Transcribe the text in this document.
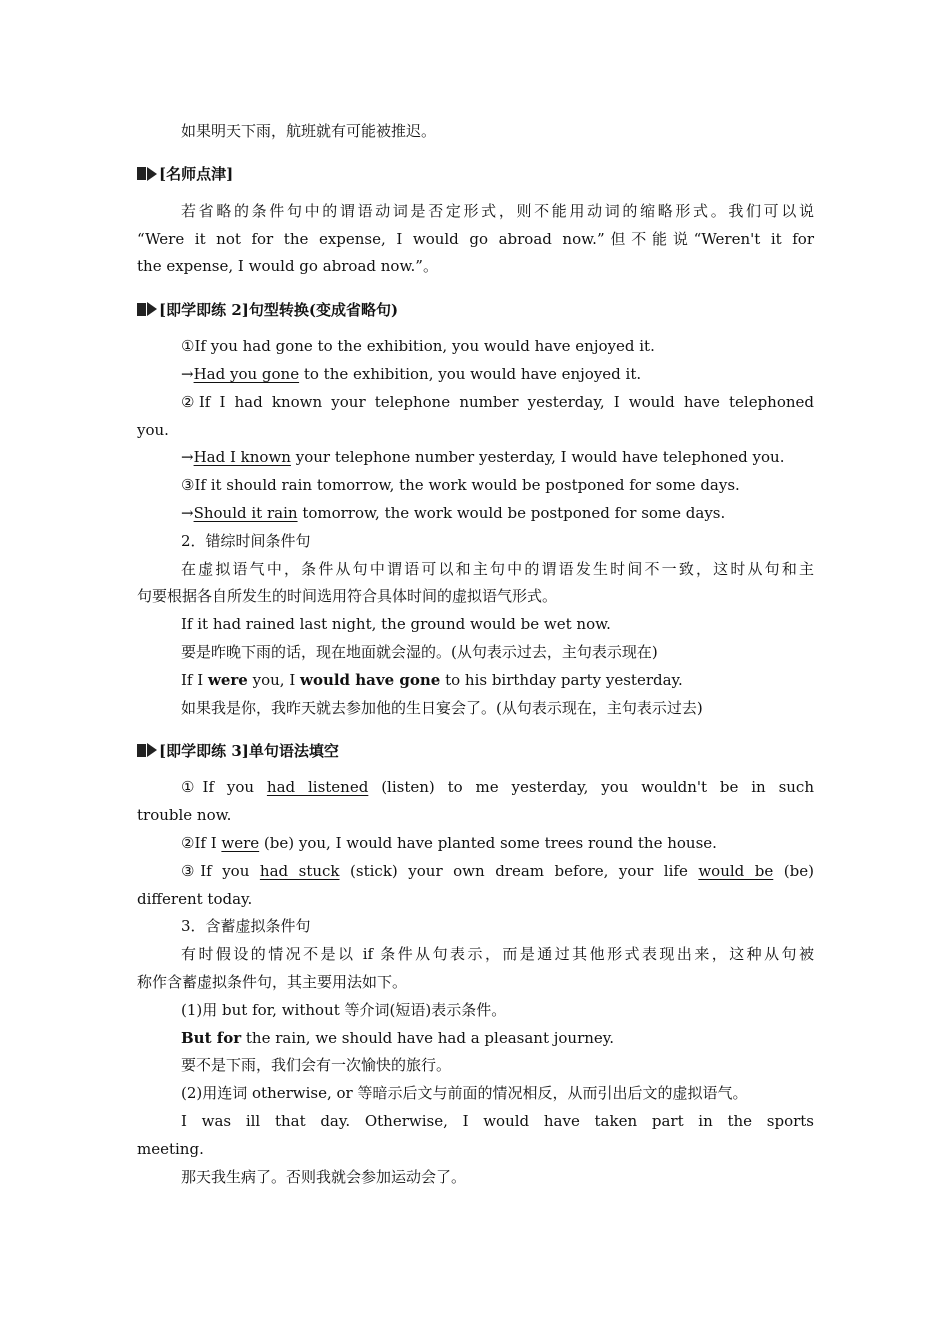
如果明天下雨，航班就有可能被推迟。

[名师点津]

若省略的条件句中的谓语动词是否定形式，则不能用动词的缩略形式。我们可以说

“Were it not for the expense, I would go abroad now.”但不能说“Weren't it for

the expense, I would go abroad now.”。

[即学即练 2]句型转换(变成省略句)

①If you had gone to the exhibition, you would have enjoyed it.

→Had you gone to the exhibition, you would have enjoyed it.

②If I had known your telephone number yesterday, I would have telephoned

you.

→Had I known your telephone number yesterday, I would have telephoned you.

③If it should rain tomorrow, the work would be postponed for some days.

→Should it rain tomorrow, the work would be postponed for some days.

2．错综时间条件句

在虚拟语气中，条件从句中谓语可以和主句中的谓语发生时间不一致，这时从句和主

句要根据各自所发生的时间选用符合具体时间的虚拟语气形式。

If it had rained last night, the ground would be wet now.

要是昨晚下雨的话，现在地面就会湿的。(从句表示过去，主句表示现在)

If I were you, I would have gone to his birthday party yesterday.

如果我是你，我昨天就去参加他的生日宴会了。(从句表示现在，主句表示过去)

[即学即练 3]单句语法填空

①If you had listened (listen) to me yesterday, you wouldn't be in such

trouble now.

②If I were (be) you, I would have planted some trees round the house.

③If you had stuck (stick) your own dream before, your life would be (be)

different today.

3．含蓄虚拟条件句

有时假设的情况不是以 if 条件从句表示，而是通过其他形式表现出来，这种从句被

称作含蓄虚拟条件句，其主要用法如下。

(1)用 but for, without 等介词(短语)表示条件。

But for the rain, we should have had a pleasant journey.

要不是下雨，我们会有一次愉快的旅行。

(2)用连词 otherwise, or 等暗示后文与前面的情况相反，从而引出后文的虚拟语气。

I was ill that day. Otherwise, I would have taken part in the sports

meeting.

那天我生病了。否则我就会参加运动会了。
